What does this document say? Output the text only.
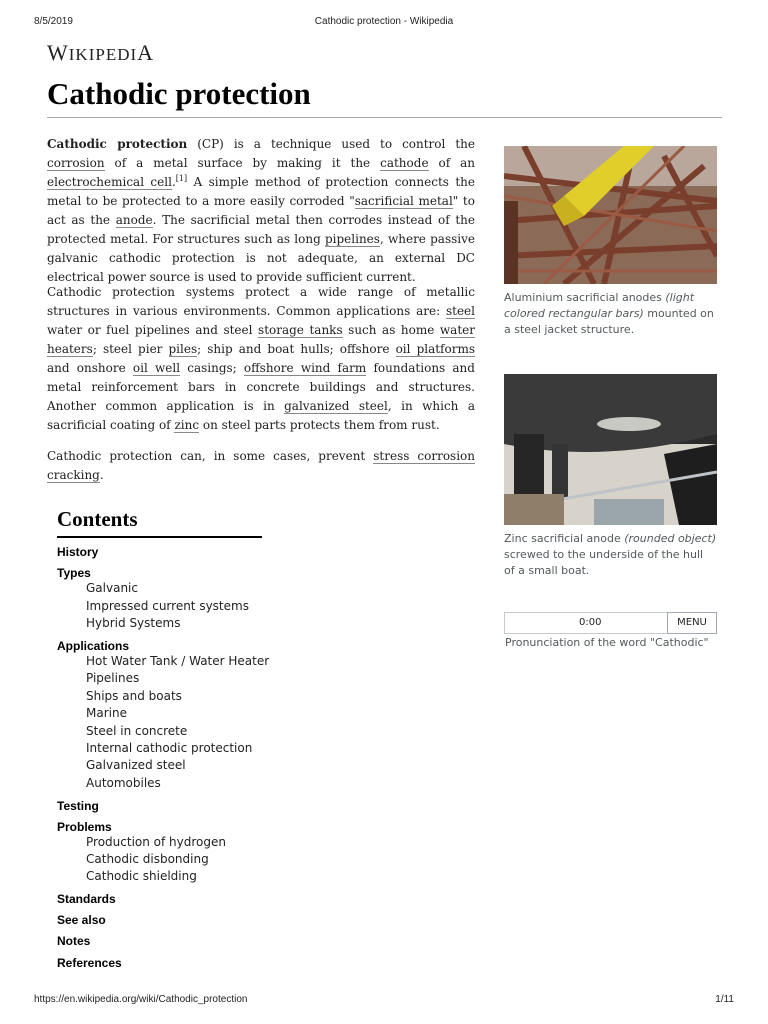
8/5/2019	Cathodic protection - Wikipedia
WIKIPEDIA
Cathodic protection

Cathodic protection (CP) is a technique used to control the corrosion of a metal surface by making it the cathode of an electrochemical cell.[1] A simple method of protection connects the metal to be protected to a more easily corroded "sacrificial metal" to act as the anode. The sacrificial metal then corrodes instead of the protected metal. For structures such as long pipelines, where passive galvanic cathodic protection is not adequate, an external DC electrical power source is used to provide sufficient current.

Cathodic protection systems protect a wide range of metallic structures in various environments. Common applications are: steel water or fuel pipelines and steel storage tanks such as home water heaters; steel pier piles; ship and boat hulls; offshore oil platforms and onshore oil well casings; offshore wind farm foundations and metal reinforcement bars in concrete buildings and structures. Another common application is in galvanized steel, in which a sacrificial coating of zinc on steel parts protects them from rust.

Cathodic protection can, in some cases, prevent stress corrosion cracking.

Aluminium sacrificial anodes (light colored rectangular bars) mounted on a steel jacket structure.
Zinc sacrificial anode (rounded object) screwed to the underside of the hull of a small boat.
0:00	MENU
Pronunciation of the word "Cathodic"
Contents
History
Types
Galvanic
Impressed current systems
Hybrid Systems
Applications
Hot Water Tank / Water Heater
Pipelines
Ships and boats
Marine
Steel in concrete
Internal cathodic protection
Galvanized steel
Automobiles
Testing
Problems
Production of hydrogen
Cathodic disbonding
Cathodic shielding
Standards
See also
Notes
References
https://en.wikipedia.org/wiki/Cathodic_protection	1/11
